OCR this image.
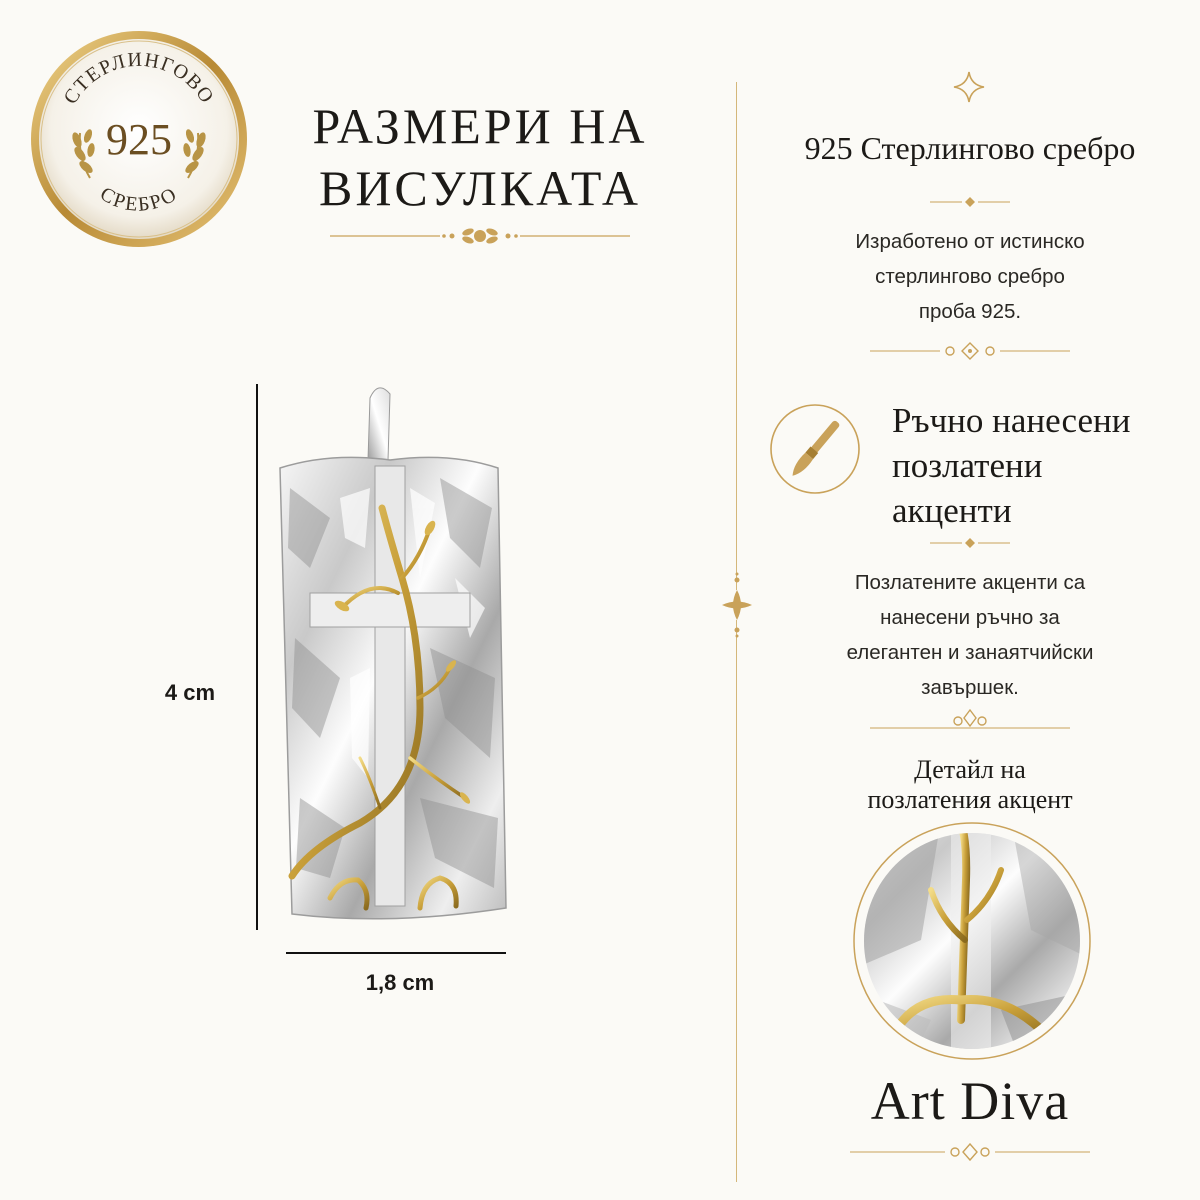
СТЕРЛИНГОВО
925
СРЕБРО
РАЗМЕРИ НА
ВИСУЛКАТА
4 cm
1,8 cm
925 Стерлингово сребро
Изработено от истинско
стерлингово сребро
проба 925.
Ръчно нанесени
позлатени
акценти
Позлатените акценти са
нанесени ръчно за
елегантен и занаятчийски
завършек.
Детайл на
позлатения акцент
Art Diva
